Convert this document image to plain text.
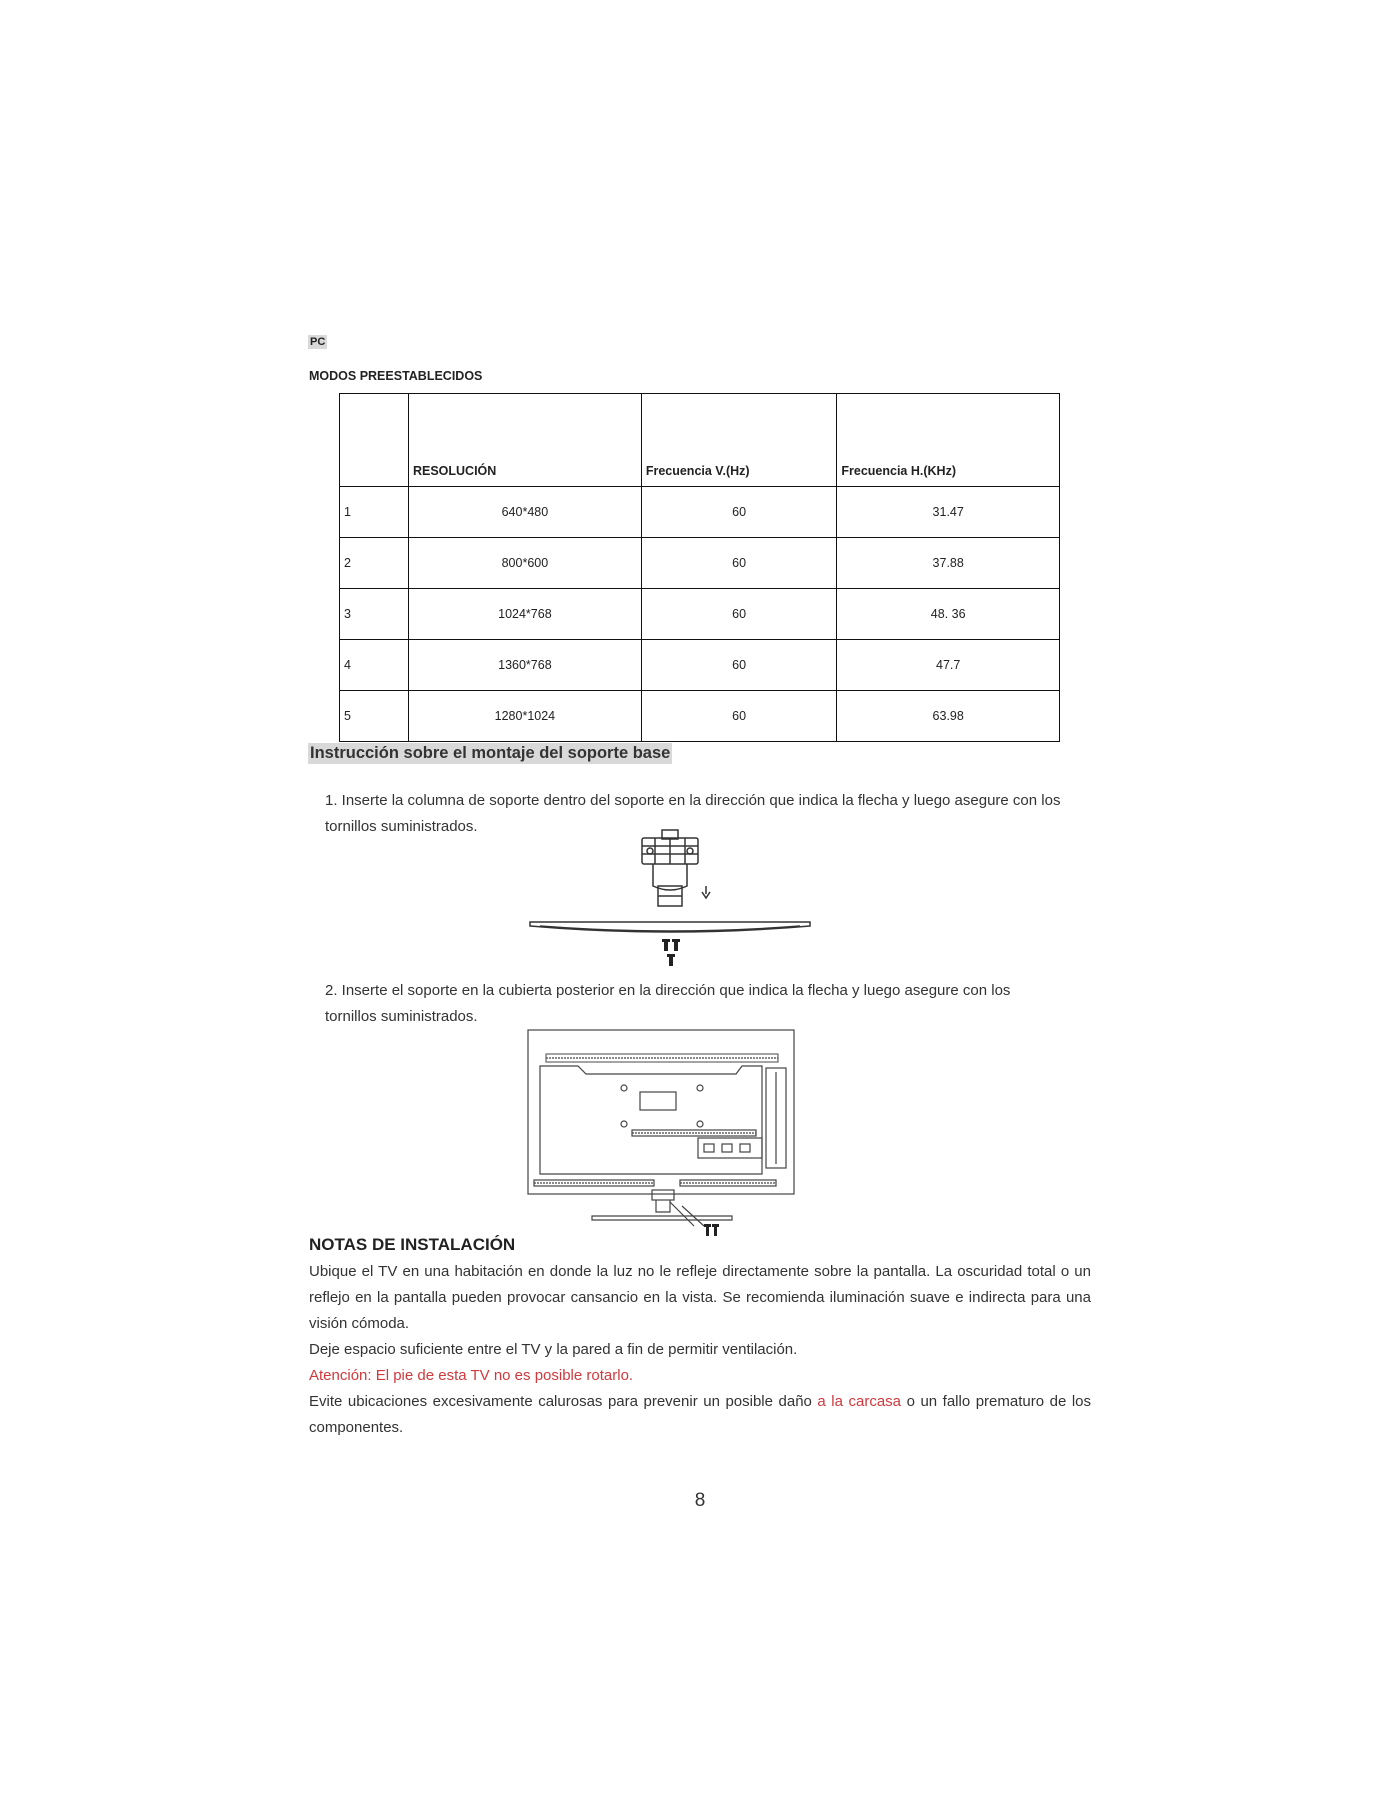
PC
MODOS PREESTABLECIDOS
	RESOLUCIÓN	Frecuencia V.(Hz)	Frecuencia H.(KHz)
1	640*480	60	31.47
2	800*600	60	37.88
3	1024*768	60	48. 36
4	1360*768	60	47.7
5	1280*1024	60	63.98
Instrucción sobre el montaje del soporte base
1. Inserte la columna de soporte dentro del soporte en la dirección que indica la flecha y luego asegure con los tornillos suministrados.
2. Inserte el soporte en la cubierta posterior en la dirección que indica la flecha y luego asegure con los tornillos suministrados.
NOTAS DE INSTALACIÓN

Ubique el TV en una habitación en donde la luz no le refleje directamente sobre la pantalla. La oscuridad total o un reflejo en la pantalla pueden provocar cansancio en la vista. Se recomienda iluminación suave e indirecta para una visión cómoda.

Deje espacio suficiente entre el TV y la pared a fin de permitir ventilación.

Atención: El pie de esta TV no es posible rotarlo.

Evite ubicaciones excesivamente calurosas para prevenir un posible daño a la carcasa o un fallo prematuro de los componentes.

8
